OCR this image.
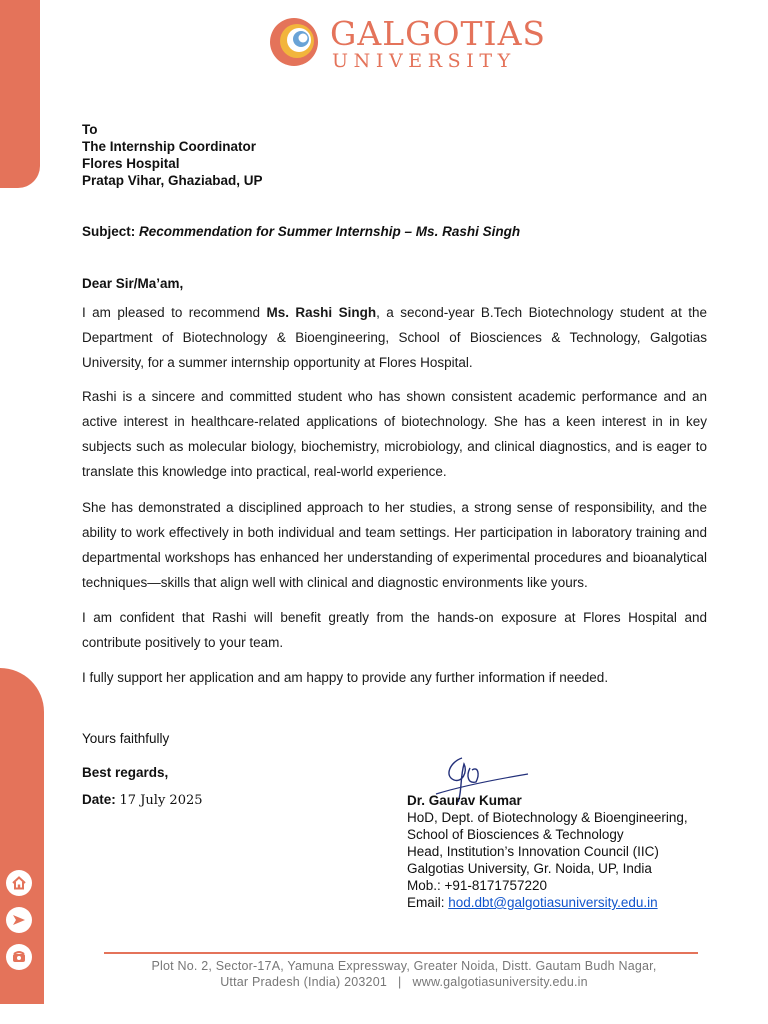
GALGOTIAS
UNIVERSITY
To
The Internship Coordinator
Flores Hospital
Pratap Vihar, Ghaziabad, UP
Subject: Recommendation for Summer Internship – Ms. Rashi Singh
Dear Sir/Ma’am,
I am pleased to recommend Ms. Rashi Singh, a second-year B.Tech Biotechnology student at the Department of Biotechnology & Bioengineering, School of Biosciences & Technology, Galgotias University, for a summer internship opportunity at Flores Hospital.
Rashi is a sincere and committed student who has shown consistent academic performance and an active interest in healthcare-related applications of biotechnology. She has a keen interest in in key subjects such as molecular biology, biochemistry, microbiology, and clinical diagnostics, and is eager to translate this knowledge into practical, real-world experience.
She has demonstrated a disciplined approach to her studies, a strong sense of responsibility, and the ability to work effectively in both individual and team settings. Her participation in laboratory training and departmental workshops has enhanced her understanding of experimental procedures and bioanalytical techniques—skills that align well with clinical and diagnostic environments like yours.
I am confident that Rashi will benefit greatly from the hands-on exposure at Flores Hospital and contribute positively to your team.
I fully support her application and am happy to provide any further information if needed.
Yours faithfully
Best regards,
Date: 17 July 2025	Dr. Gaurav Kumar
HoD, Dept. of Biotechnology & Bioengineering,
School of Biosciences & Technology
Head, Institution’s Innovation Council (IIC)
Galgotias University, Gr. Noida, UP, India
Mob.: +91-8171757220
Email: hod.dbt@galgotiasuniversity.edu.in
Plot No. 2, Sector-17A, Yamuna Expressway, Greater Noida, Distt. Gautam Budh Nagar,
Uttar Pradesh (India) 203201   |   www.galgotiasuniversity.edu.in
